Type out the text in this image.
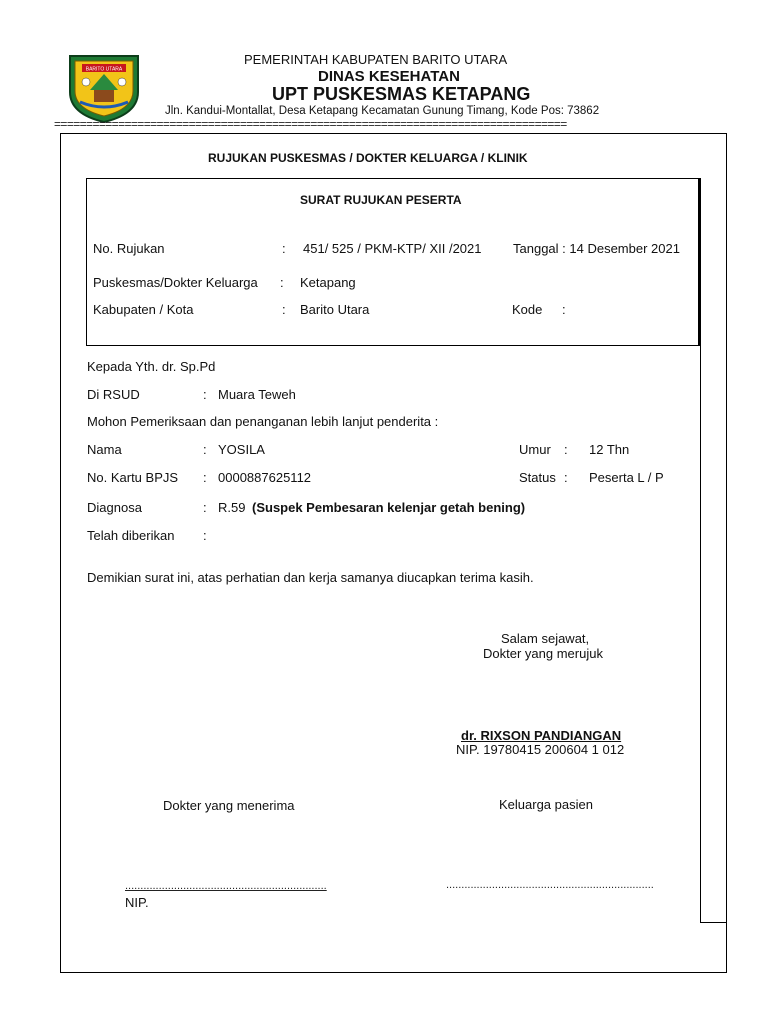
BARITO UTARA
PEMERINTAH KABUPATEN BARITO UTARA
DINAS KESEHATAN
UPT PUSKESMAS KETAPANG
Jln. Kandui-Montallat, Desa Ketapang Kecamatan Gunung Timang, Kode Pos: 73862
================================================================================
RUJUKAN PUSKESMAS / DOKTER KELUARGA / KLINIK
SURAT RUJUKAN PESERTA
No. Rujukan	: 451/ 525 / PKM-KTP/ XII /2021 Tanggal : 14 Desember 2021
Puskesmas/Dokter Keluarga : Ketapang
Kabupaten / Kota	: Barito Utara	Kode :
Kepada Yth. dr. Sp.Pd
Di RSUD	: Muara Teweh
Mohon Pemeriksaan dan penanganan lebih lanjut penderita :
Nama	: YOSILA	Umur : 12 Thn
No. Kartu BPJS : 0000887625112	Status : Peserta L / P
Diagnosa	: R.59 (Suspek Pembesaran kelenjar getah bening)
Telah diberikan :
Demikian surat ini, atas perhatian dan kerja samanya diucapkan terima kasih.
Salam sejawat,
Dokter yang merujuk
dr. RIXSON PANDIANGAN
NIP. 19780415 200604 1 012
Dokter yang menerima	Keluarga pasien
..................................................................	....................................................................
NIP.
